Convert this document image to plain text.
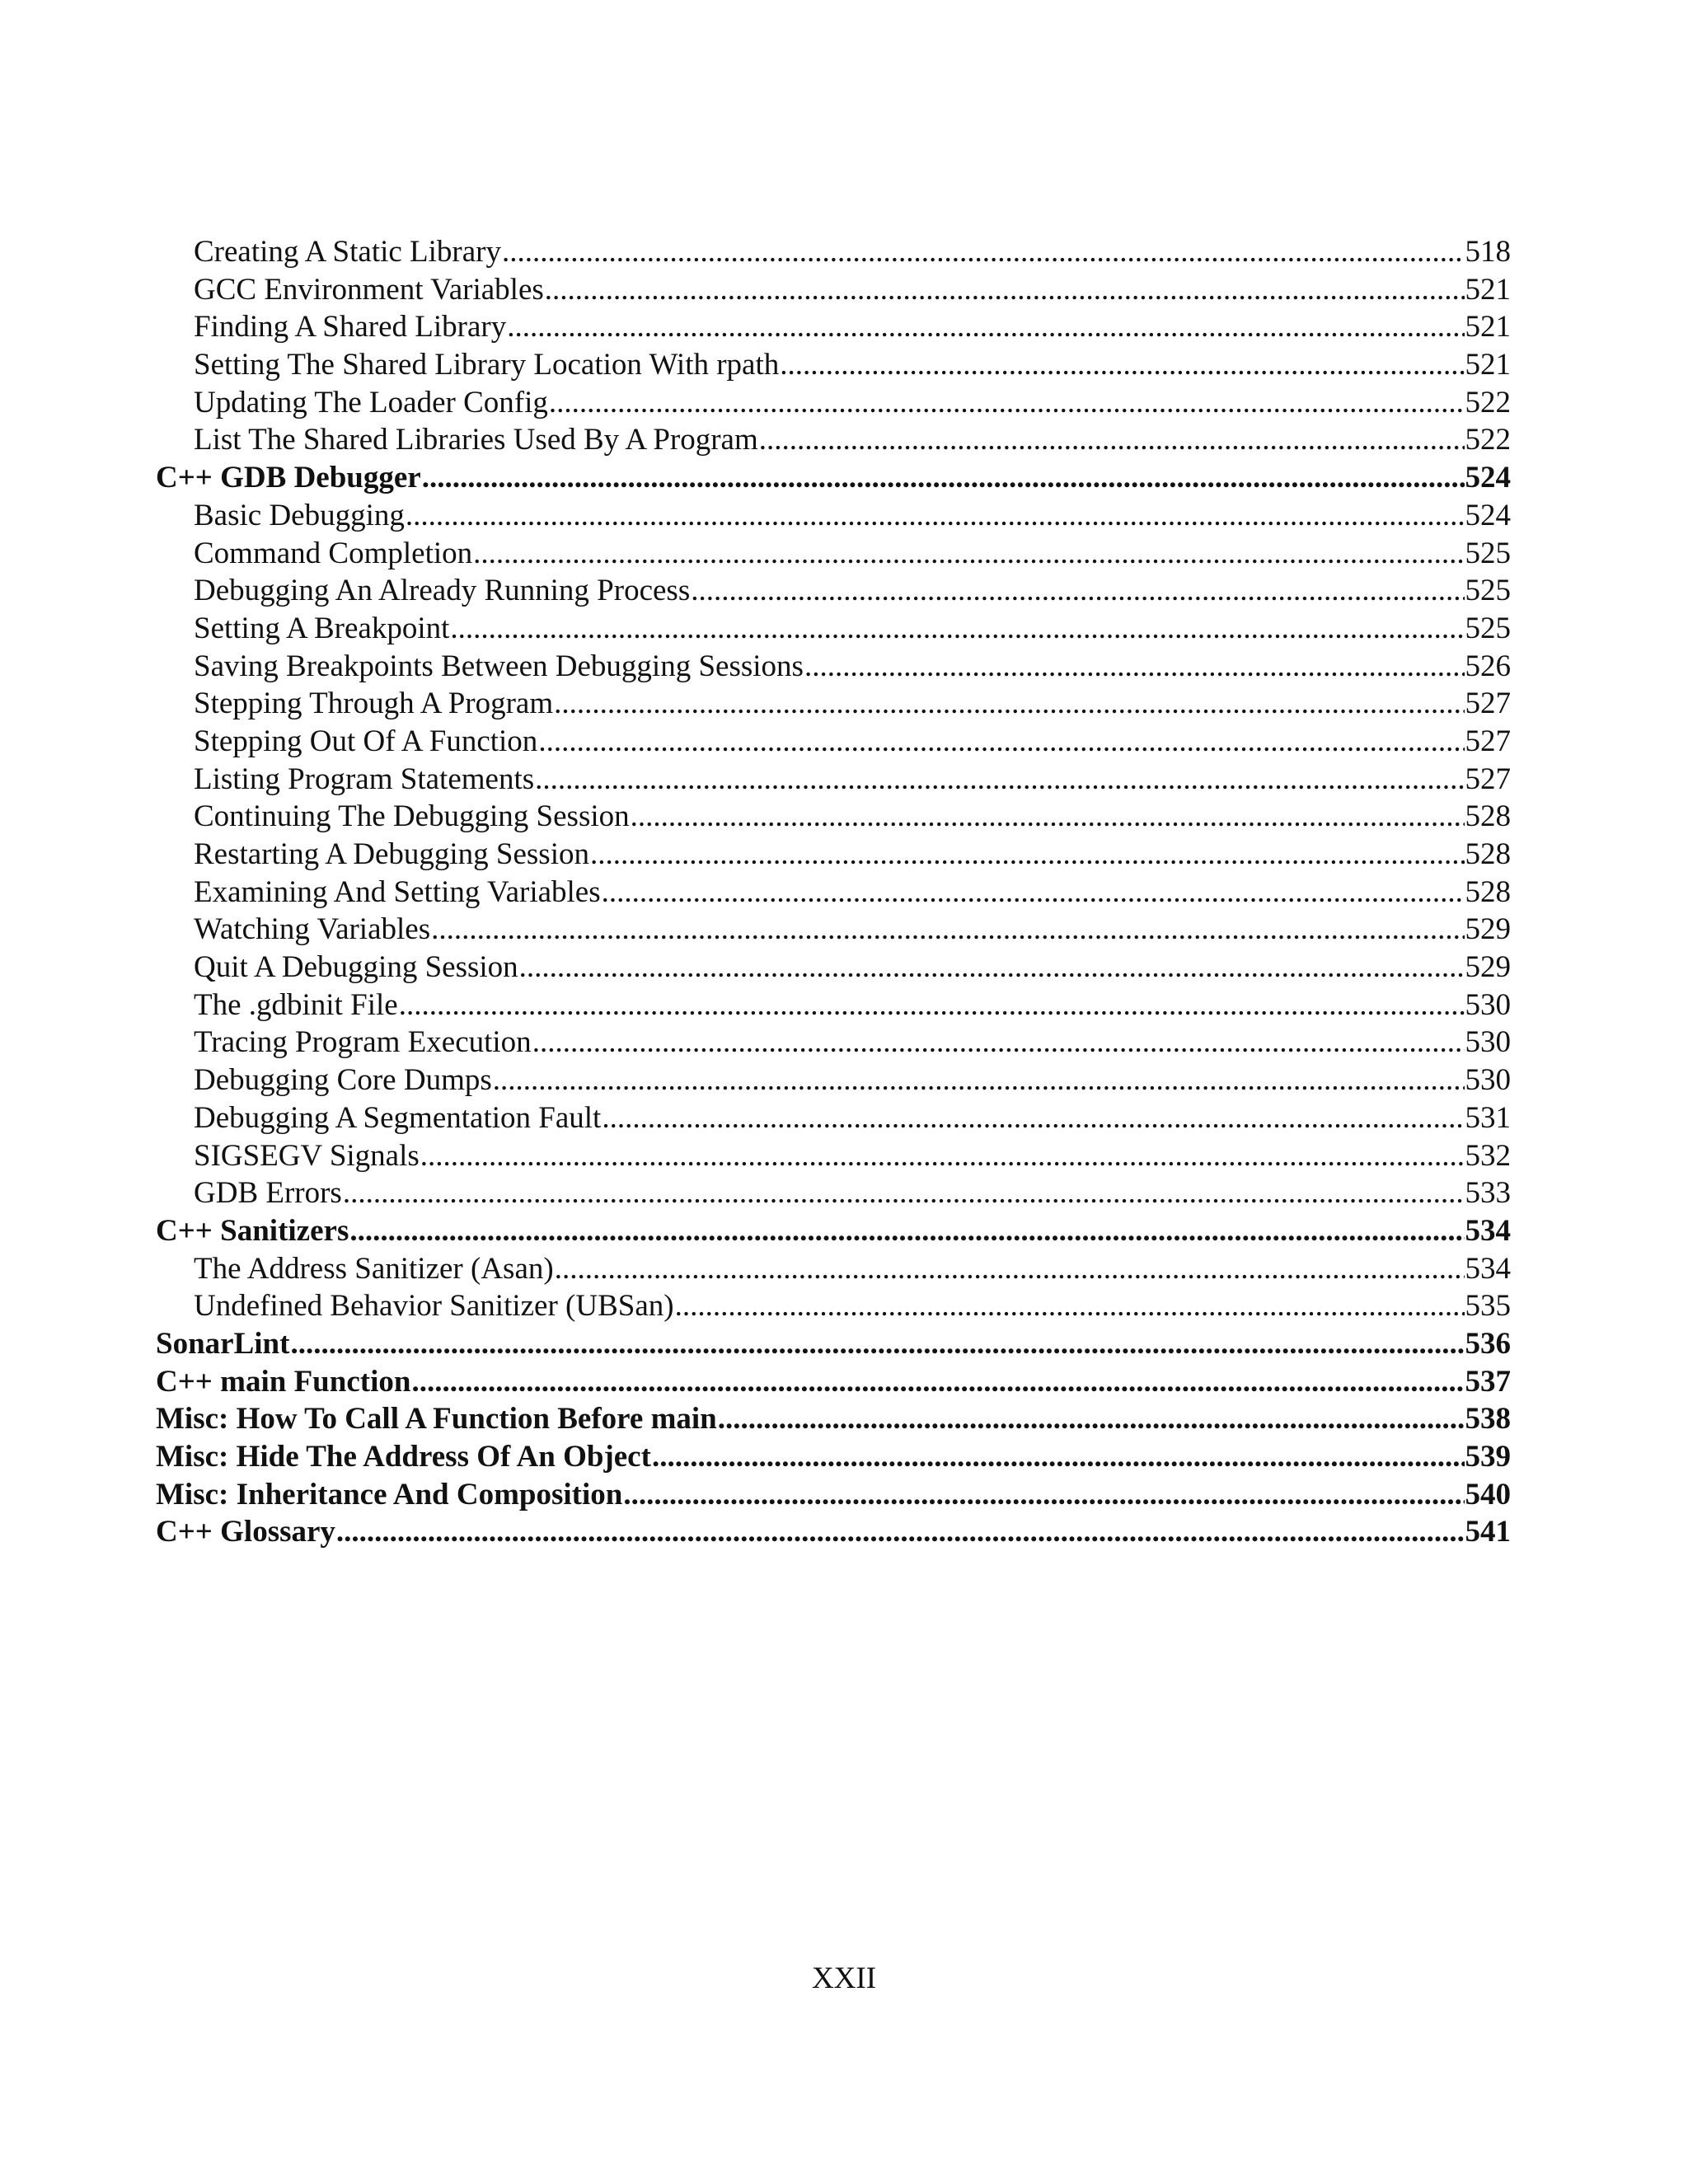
Creating A Static Library .....	518
GCC Environment Variables .....	521
Finding A Shared Library .....	521
Setting The Shared Library Location With rpath .....	521
Updating The Loader Config .....	522
List The Shared Libraries Used By A Program .....	522
C++ GDB Debugger .....	524
Basic Debugging .....	524
Command Completion .....	525
Debugging An Already Running Process .....	525
Setting A Breakpoint .....	525
Saving Breakpoints Between Debugging Sessions .....	526
Stepping Through A Program .....	527
Stepping Out Of A Function .....	527
Listing Program Statements .....	527
Continuing The Debugging Session .....	528
Restarting A Debugging Session .....	528
Examining And Setting Variables .....	528
Watching Variables .....	529
Quit A Debugging Session .....	529
The .gdbinit File .....	530
Tracing Program Execution .....	530
Debugging Core Dumps .....	530
Debugging A Segmentation Fault .....	531
SIGSEGV Signals .....	532
GDB Errors .....	533
C++ Sanitizers .....	534
The Address Sanitizer (Asan) .....	534
Undefined Behavior Sanitizer (UBSan) .....	535
SonarLint .....	536
C++ main Function .....	537
Misc: How To Call A Function Before main .....	538
Misc: Hide The Address Of An Object .....	539
Misc: Inheritance And Composition .....	540
C++ Glossary .....	541
XXII
